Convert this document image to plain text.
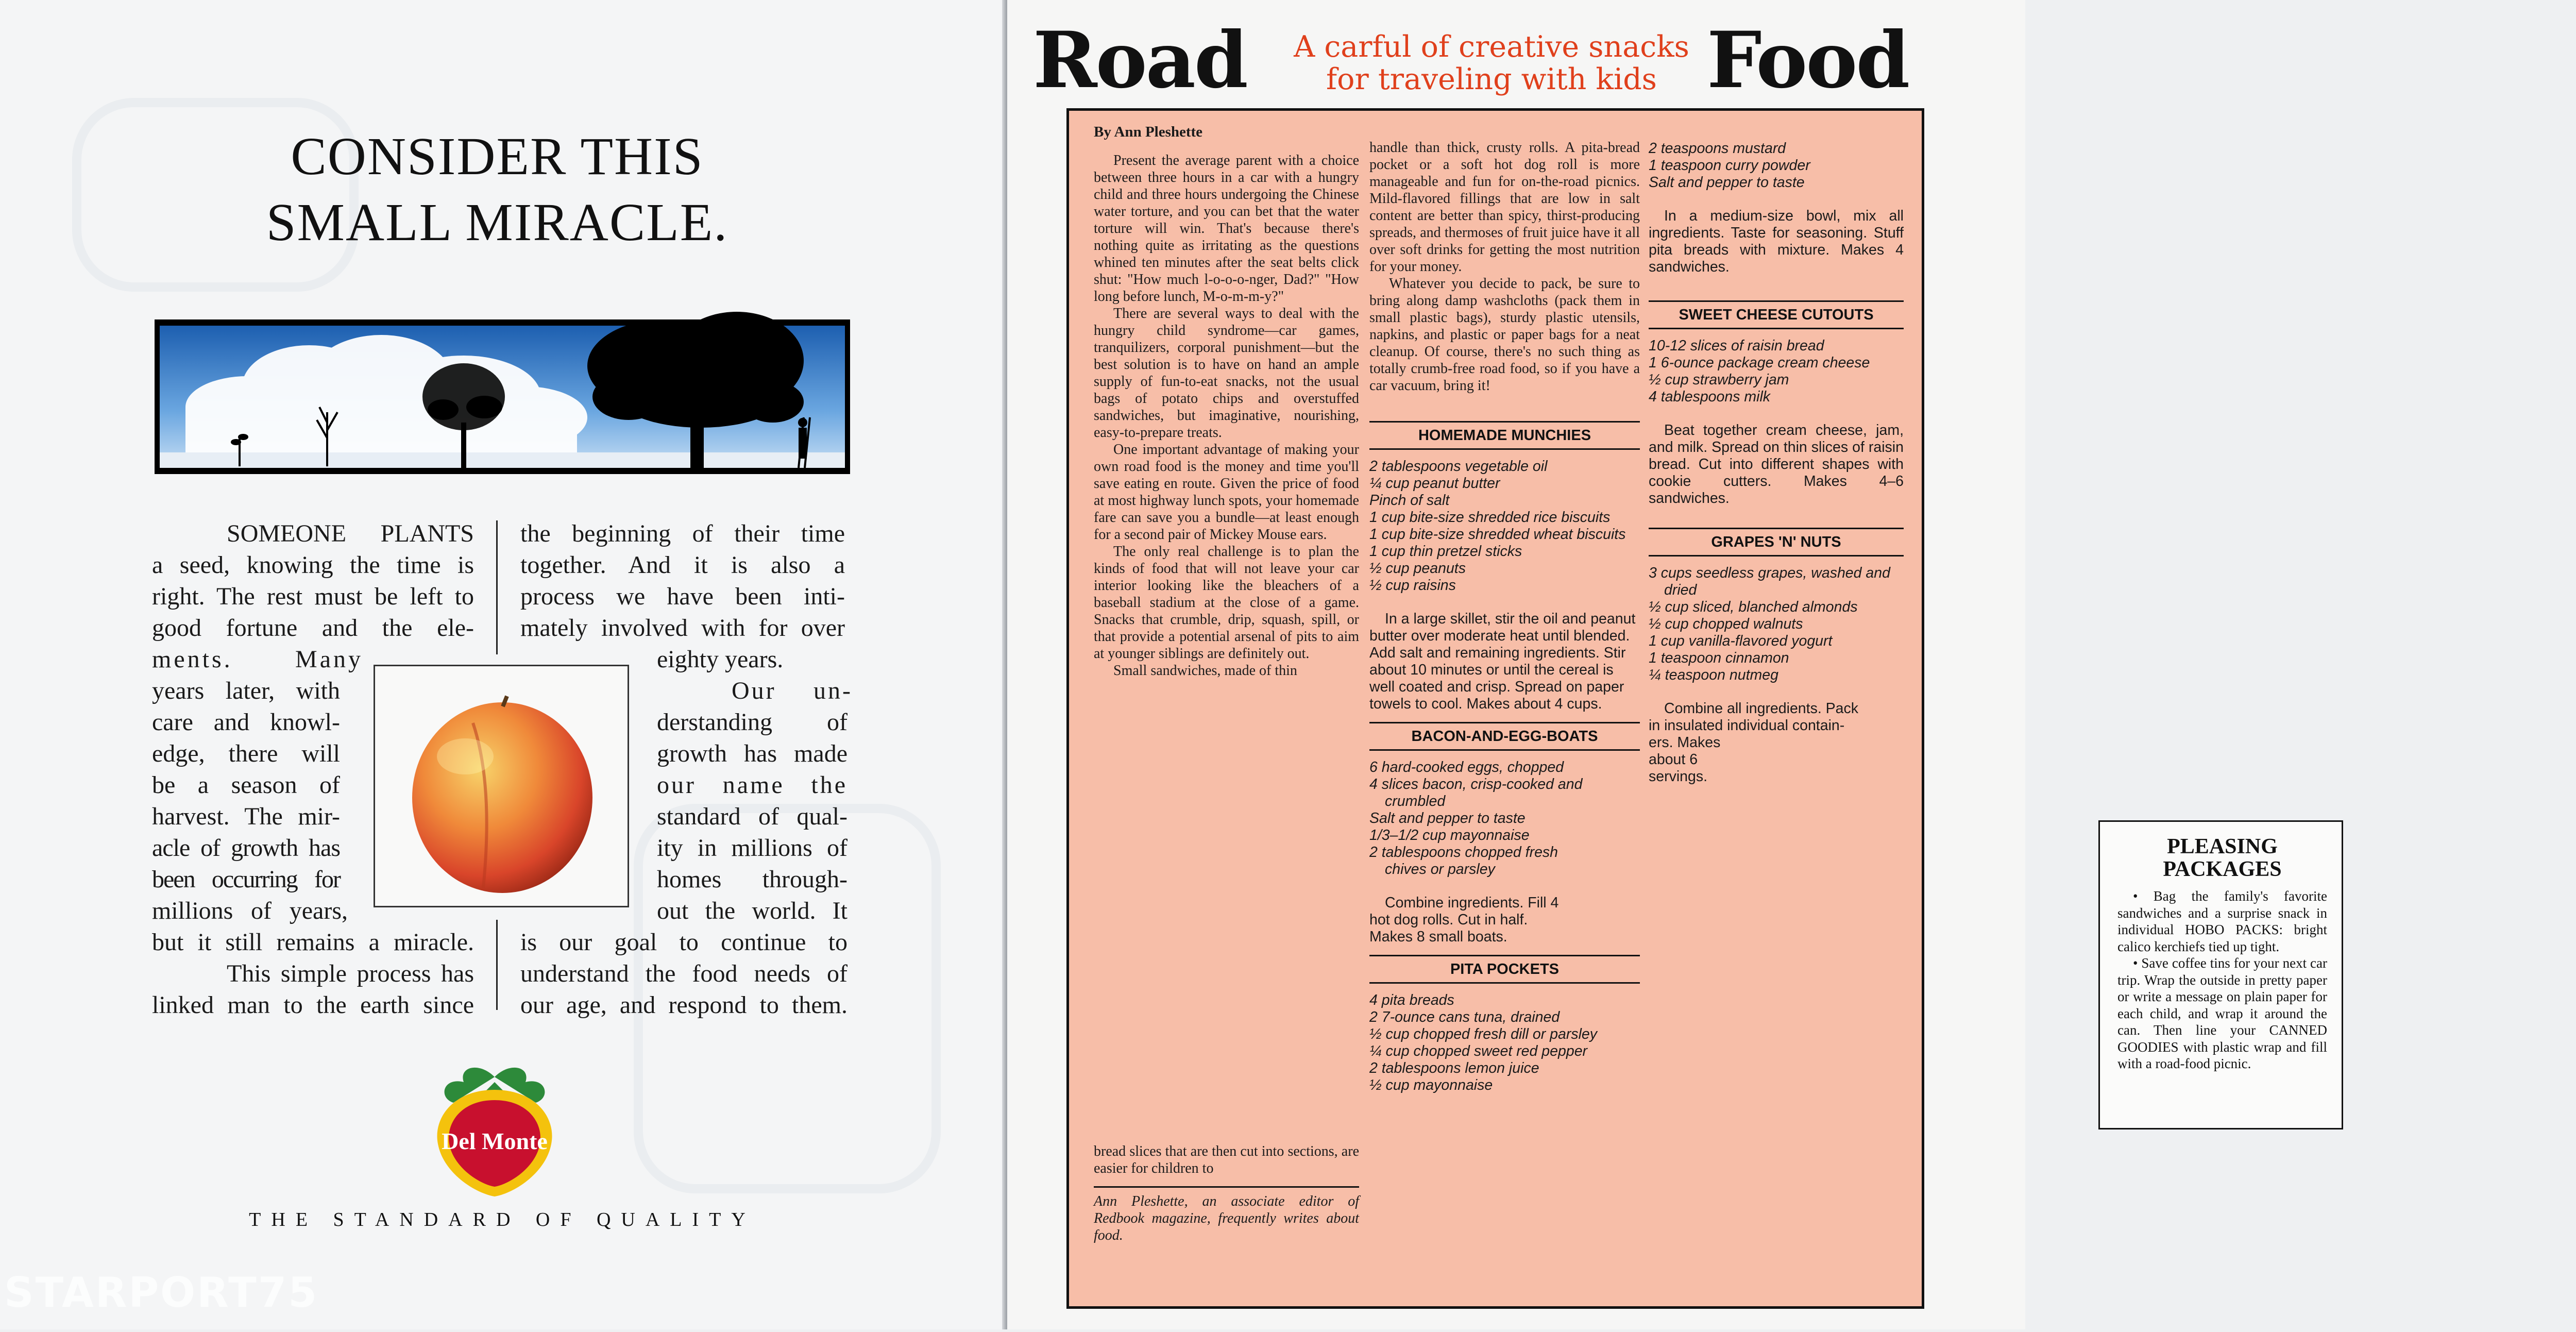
CONSIDER THIS
SMALL MIRACLE.
SOMEONE PLANTS
a seed, knowing the time is
right. The rest must be left to
good fortune and the ele-
ments. Many
years later, with
care and knowl-
edge, there will
be a season of
harvest. The mir-
acle of growth has
been occurring for
millions of years,
but it still remains a miracle.
This simple process has
linked man to the earth since
the beginning of their time
together. And it is also a
process we have been inti-
mately involved with for over
eighty years.
Our un-
derstanding of
growth has made
our name the
standard of qual-
ity in millions of
homes through-
out the world. It
is our goal to continue to
understand the food needs of
our age, and respond to them.
Del Monte
THE STANDARD OF QUALITY
STARPORT75
Road	A carful of creative snacks
for traveling with kids Food

By Ann Pleshette

Present the average parent with a choice between three hours in a car with a hungry child and three hours undergoing the Chinese water torture, and you can bet that the water torture will win. That's because there's nothing quite as irritating as the questions whined ten minutes after the seat belts click shut: "How much l-o-o-o-nger, Dad?" "How long before lunch, M-o-m-m-y?"

There are several ways to deal with the hungry child syndrome—car games, tranquilizers, corporal punishment—but the best solution is to have on hand an ample supply of fun-to-eat snacks, not the usual bags of potato chips and overstuffed sandwiches, but imaginative, nourishing, easy-to-prepare treats.

One important advantage of making your own road food is the money and time you'll save eating en route. Given the price of food at most highway lunch spots, your homemade fare can save you a bundle—at least enough for a second pair of Mickey Mouse ears.

The only real challenge is to plan the kinds of food that will not leave your car interior looking like the bleachers of a baseball stadium at the close of a game. Snacks that crumble, drip, squash, spill, or that provide a potential arsenal of pits to aim at younger siblings are definitely out.

Small sandwiches, made of thin

PLEASING
PACKAGES

• Bag the family's favorite sandwiches and a surprise snack in individual HOBO PACKS: bright calico kerchiefs tied up tight.

• Save coffee tins for your next car trip. Wrap the outside in pretty paper or write a message on plain paper for each child, and wrap it around the can. Then line your CANNED GOODIES with plastic wrap and fill with a road-food picnic.

bread slices that are then cut into sections, are easier for children to

Ann Pleshette, an associate editor of Redbook magazine, frequently writes about food.

handle than thick, crusty rolls. A pita-bread pocket or a soft hot dog roll is more manageable and fun for on-the-road picnics. Mild-flavored fillings that are low in salt content are better than spicy, thirst-producing spreads, and thermoses of fruit juice have it all over soft drinks for getting the most nutrition for your money.

Whatever you decide to pack, be sure to bring along damp washcloths (pack them in small plastic bags), sturdy plastic utensils, napkins, and plastic or paper bags for a neat cleanup. Of course, there's no such thing as totally crumb-free road food, so if you have a car vacuum, bring it!

HOMEMADE MUNCHIES
2 tablespoons vegetable oil
¼ cup peanut butter
Pinch of salt
1 cup bite-size shredded rice biscuits
1 cup bite-size shredded wheat biscuits
1 cup thin pretzel sticks
½ cup peanuts
½ cup raisins
In a large skillet, stir the oil and peanut butter over moderate heat until blended. Add salt and remaining ingredients. Stir about 10 minutes or until the cereal is well coated and crisp. Spread on paper towels to cool. Makes about 4 cups.
BACON-AND-EGG-BOATS
6 hard-cooked eggs, chopped
4 slices bacon, crisp-cooked and crumbled
Salt and pepper to taste
1/3–1/2 cup mayonnaise
2 tablespoons chopped fresh chives or parsley
Combine ingredients. Fill 4 hot dog rolls. Cut in half. Makes 8 small boats.
PITA POCKETS
4 pita breads
2 7-ounce cans tuna, drained
½ cup chopped fresh dill or parsley
¼ cup chopped sweet red pepper
2 tablespoons lemon juice
½ cup mayonnaise
2 teaspoons mustard
1 teaspoon curry powder
Salt and pepper to taste
In a medium-size bowl, mix all ingredients. Taste for seasoning. Stuff pita breads with mixture. Makes 4 sandwiches.
SWEET CHEESE CUTOUTS
10-12 slices of raisin bread
1 6-ounce package cream cheese
½ cup strawberry jam
4 tablespoons milk
Beat together cream cheese, jam, and milk. Spread on thin slices of raisin bread. Cut into different shapes with cookie cutters. Makes 4–6 sandwiches.
GRAPES 'N' NUTS
3 cups seedless grapes, washed and dried
½ cup sliced, blanched almonds
½ cup chopped walnuts
1 cup vanilla-flavored yogurt
1 teaspoon cinnamon
¼ teaspoon nutmeg
Combine all ingredients. Pack
in insulated individual contain-
ers. Makes
about 6
servings.
